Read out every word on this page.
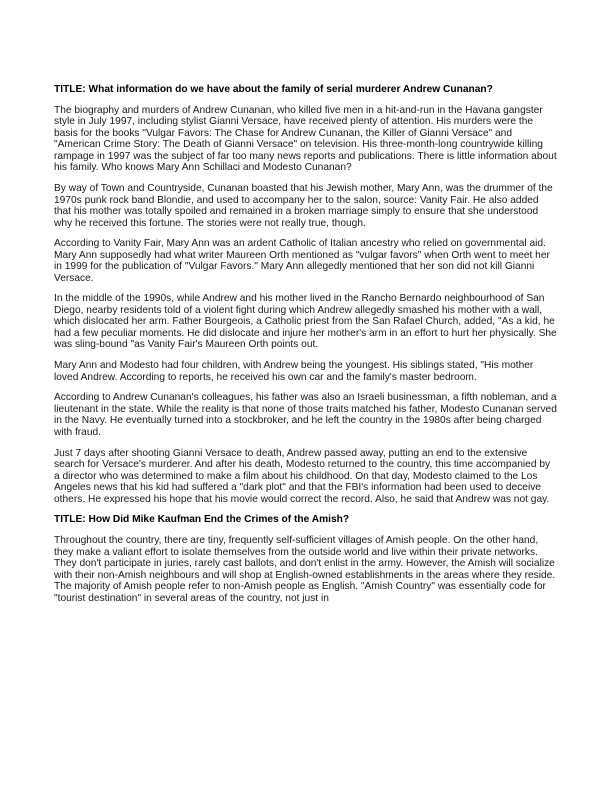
TITLE: What information do we have about the family of serial murderer Andrew Cunanan?

The biography and murders of Andrew Cunanan, who killed five men in a hit-and-run in the Havana gangster style in July 1997, including stylist Gianni Versace, have received plenty of attention. His murders were the basis for the books "Vulgar Favors: The Chase for Andrew Cunanan, the Killer of Gianni Versace" and "American Crime Story: The Death of Gianni Versace" on television. His three-month-long countrywide killing rampage in 1997 was the subject of far too many news reports and publications. There is little information about his family. Who knows Mary Ann Schillaci and Modesto Cunanan?

By way of Town and Countryside, Cunanan boasted that his Jewish mother, Mary Ann, was the drummer of the 1970s punk rock band Blondie, and used to accompany her to the salon, source: Vanity Fair. He also added that his mother was totally spoiled and remained in a broken marriage simply to ensure that she understood why he received this fortune. The stories were not really true, though.

According to Vanity Fair, Mary Ann was an ardent Catholic of Italian ancestry who relied on governmental aid. Mary Ann supposedly had what writer Maureen Orth mentioned as "vulgar favors" when Orth went to meet her in 1999 for the publication of "Vulgar Favors." Mary Ann allegedly mentioned that her son did not kill Gianni Versace.

In the middle of the 1990s, while Andrew and his mother lived in the Rancho Bernardo neighbourhood of San Diego, nearby residents told of a violent fight during which Andrew allegedly smashed his mother with a wall, which dislocated her arm. Father Bourgeois, a Catholic priest from the San Rafael Church, added, "As a kid, he had a few peculiar moments. He did dislocate and injure her mother's arm in an effort to hurt her physically. She was sling-bound "as Vanity Fair's Maureen Orth points out.

Mary Ann and Modesto had four children, with Andrew being the youngest. His siblings stated, "His mother loved Andrew. According to reports, he received his own car and the family's master bedroom.

According to Andrew Cunanan's colleagues, his father was also an Israeli businessman, a fifth nobleman, and a lieutenant in the state. While the reality is that none of those traits matched his father, Modesto Cunanan served in the Navy. He eventually turned into a stockbroker, and he left the country in the 1980s after being charged with fraud.

Just 7 days after shooting Gianni Versace to death, Andrew passed away, putting an end to the extensive search for Versace's murderer. And after his death, Modesto returned to the country, this time accompanied by a director who was determined to make a film about his childhood. On that day, Modesto claimed to the Los Angeles news that his kid had suffered a "dark plot" and that the FBI's information had been used to deceive others. He expressed his hope that his movie would correct the record. Also, he said that Andrew was not gay.

TITLE: How Did Mike Kaufman End the Crimes of the Amish?

Throughout the country, there are tiny, frequently self-sufficient villages of Amish people. On the other hand, they make a valiant effort to isolate themselves from the outside world and live within their private networks. They don't participate in juries, rarely cast ballots, and don't enlist in the army. However, the Amish will socialize with their non-Amish neighbours and will shop at English-owned establishments in the areas where they reside. The majority of Amish people refer to non-Amish people as English. "Amish Country" was essentially code for "tourist destination" in several areas of the country, not just in
